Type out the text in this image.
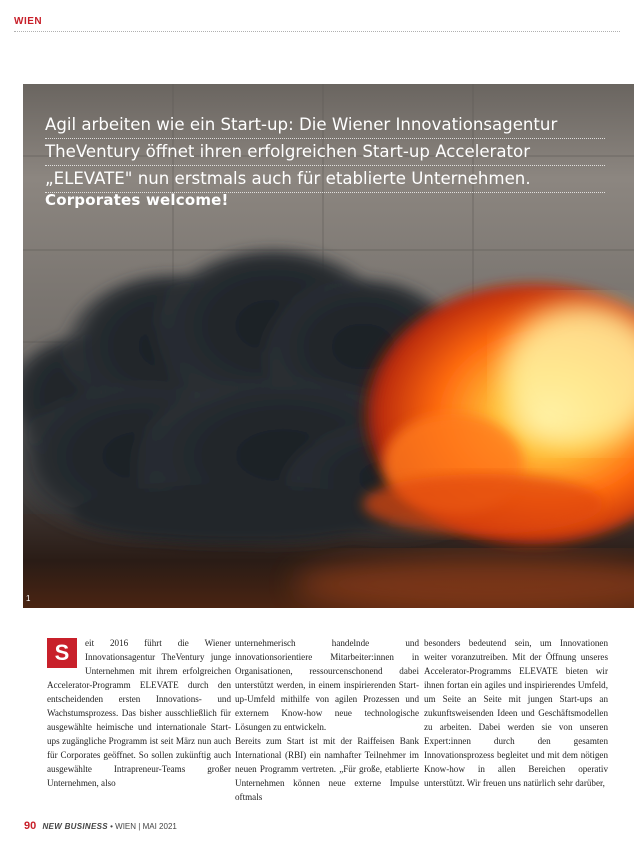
WIEN
Agil arbeiten wie ein Start-up: Die Wiener Innovationsagentur
TheVentury öffnet ihren erfolgreichen Start-up Accelerator
„ELEVATE" nun erstmals auch für etablierte Unternehmen.
Corporates welcome!
1
S	eit 2016 führt die Wiener Innovationsagentur TheVentury junge Unternehmen mit ihrem erfolgreichen Accelerator-Programm ELEVATE durch den entscheidenden ersten Innovations- und Wachstumsprozess. Das bisher ausschließlich für ausgewählte heimische und internationale Start-ups zugängliche Programm ist seit März nun auch für Corporates geöffnet. So sollen zukünftig auch ausgewählte Intrapreneur-Teams großer Unternehmen, also

unternehmerisch handelnde und innovationsorientiere Mitarbeiter:innen in Organisationen, ressourcenschonend dabei unterstützt werden, in einem inspirierenden Start-up-Umfeld mithilfe von agilen Prozessen und externem Know-how neue technologische Lösungen zu entwickeln.

Bereits zum Start ist mit der Raiffeisen Bank International (RBI) ein namhafter Teilnehmer im neuen Programm vertreten. „Für große, etablierte Unternehmen können neue externe Impulse oftmals

besonders bedeutend sein, um Innovationen weiter voranzutreiben. Mit der Öffnung unseres Accelerator-Programms ELEVATE bieten wir ihnen fortan ein agiles und inspirierendes Umfeld, um Seite an Seite mit jungen Start-ups an zukunftsweisenden Ideen und Geschäftsmodellen zu arbeiten. Dabei werden sie von unseren Expert:innen durch den gesamten Innovationsprozess begleitet und mit dem nötigen Know-how in allen Bereichen operativ unterstützt. Wir freuen uns natürlich sehr darüber,

90 NEW BUSINESS • WIEN | MAI 2021
